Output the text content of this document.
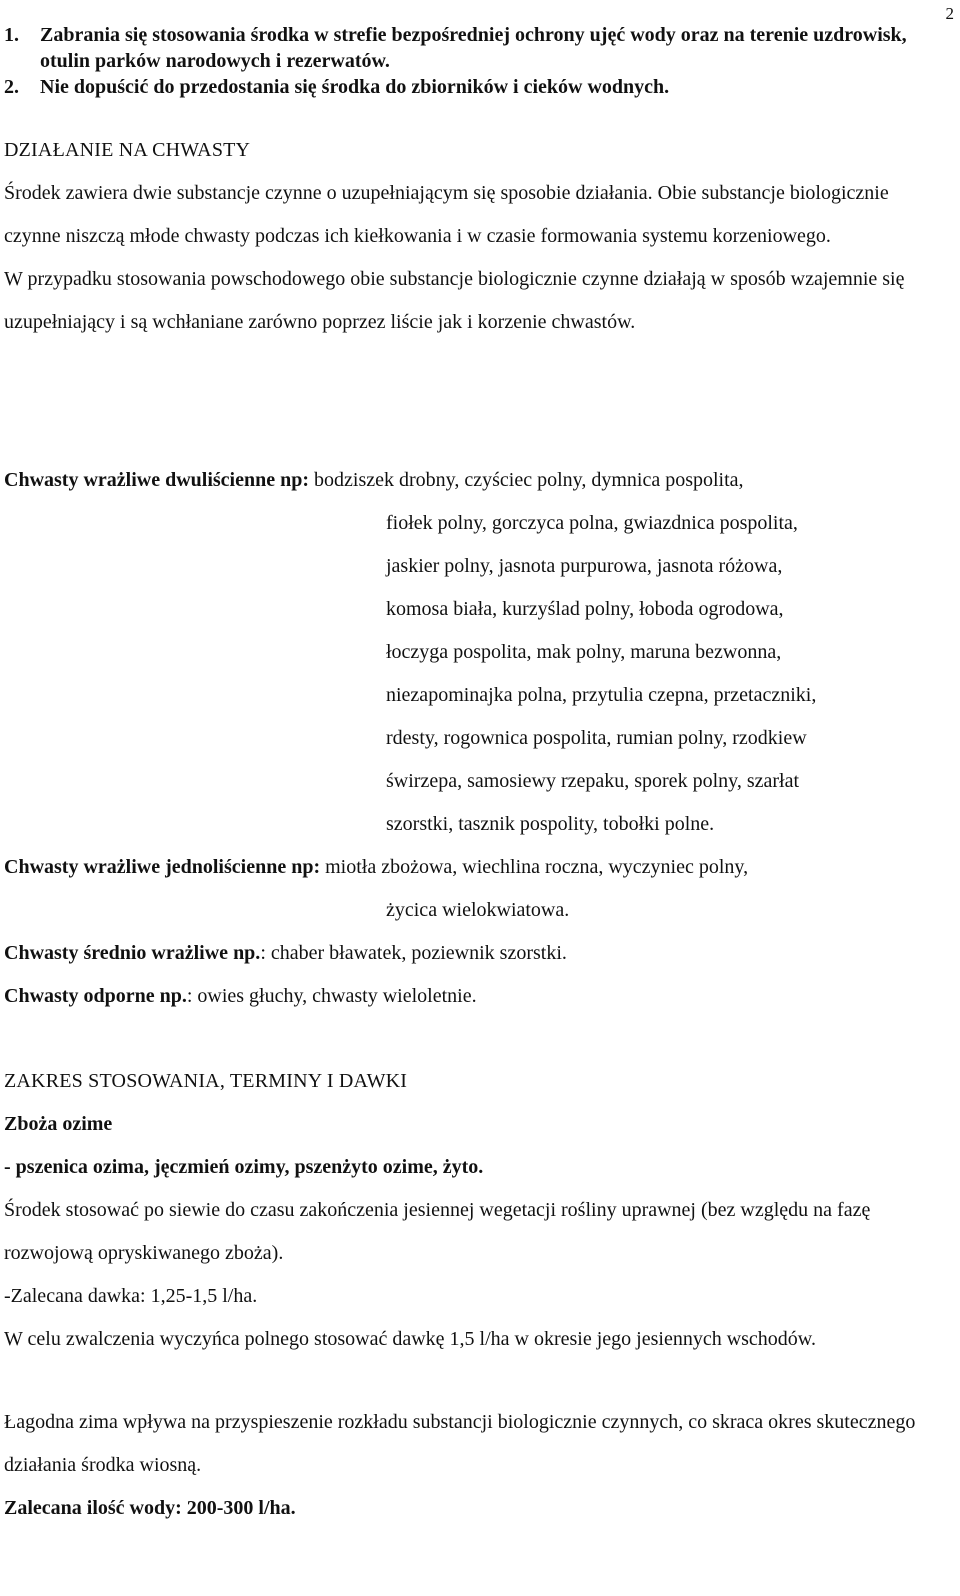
2
1. Zabrania się stosowania środka w strefie bezpośredniej ochrony ujęć wody oraz na terenie uzdrowisk, otulin parków narodowych i rezerwatów.
2. Nie dopuścić do przedostania się środka do zbiorników i cieków wodnych.

DZIAŁANIE NA CHWASTY

Środek zawiera dwie substancje czynne o uzupełniającym się sposobie działania. Obie substancje biologicznie czynne niszczą młode chwasty podczas ich kiełkowania i w czasie formowania systemu korzeniowego.

W przypadku stosowania powschodowego obie substancje biologicznie czynne działają w sposób wzajemnie się uzupełniający i są wchłaniane zarówno poprzez liście jak i korzenie chwastów.

Chwasty wrażliwe dwuliścienne np: bodziszek drobny, czyściec polny, dymnica pospolita,
fiołek polny, gorczyca polna, gwiazdnica pospolita,
jaskier polny, jasnota purpurowa, jasnota różowa,
komosa biała, kurzyślad polny, łoboda ogrodowa,
łoczyga pospolita, mak polny, maruna bezwonna,
niezapominajka polna, przytulia czepna, przetaczniki,
rdesty, rogownica pospolita, rumian polny, rzodkiew
świrzepa, samosiewy rzepaku, sporek polny, szarłat
szorstki, tasznik pospolity, tobołki polne.
Chwasty wrażliwe jednoliścienne np: miotła zbożowa, wiechlina roczna, wyczyniec polny,
życica wielokwiatowa.
Chwasty średnio wrażliwe np.: chaber bławatek, poziewnik szorstki.
Chwasty odporne np.: owies głuchy, chwasty wieloletnie.

ZAKRES STOSOWANIA, TERMINY I DAWKI

Zboża ozime

- pszenica ozima, jęczmień ozimy, pszenżyto ozime, żyto.

Środek stosować po siewie do czasu zakończenia jesiennej wegetacji rośliny uprawnej (bez względu na fazę rozwojową opryskiwanego zboża).

-Zalecana dawka: 1,25-1,5 l/ha.

W celu zwalczenia wyczyńca polnego stosować dawkę 1,5 l/ha w okresie jego jesiennych wschodów.

Łagodna zima wpływa na przyspieszenie rozkładu substancji biologicznie czynnych, co skraca okres skutecznego działania środka wiosną.

Zalecana ilość wody: 200-300 l/ha.
